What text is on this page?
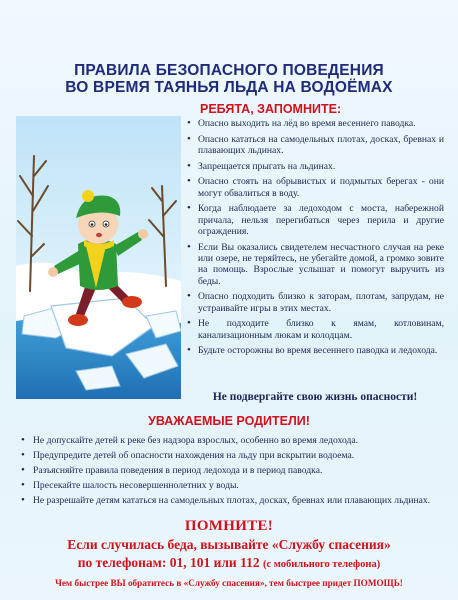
ПРАВИЛА БЕЗОПАСНОГО ПОВЕДЕНИЯ
ВО ВРЕМЯ ТАЯНЬЯ ЛЬДА НА ВОДОЁМАХ
РЕБЯТА, ЗАПОМНИТЕ:
• Опасно выходить на лёд во время весеннего паводка.
• Опасно кататься на самодельных плотах, досках, бревнах и плавающих льдинах.
• Запрещается прыгать на льдинах.
• Опасно стоять на обрывистых и подмытых берегах - они могут обвалиться в воду.
• Когда наблюдаете за ледоходом с моста, набережной причала, нельзя перегибаться через перила и другие ограждения.
• Если Вы оказались свидетелем несчастного случая на реке или озере, не теряйтесь, не убегайте домой, а громко зовите на помощь. Взрослые услышат и помогут выручить из беды.
• Опасно подходить близко к заторам, плотам, запрудам, не устраивайте игры в этих местах.
• Не подходите близко к ямам, котловинам, канализационным люкам и колодцам.
• Будьте осторожны во время весеннего паводка и ледохода.
Не подвергайте свою жизнь опасности!
УВАЖАЕМЫЕ РОДИТЕЛИ!
• Не допускайте детей к реке без надзора взрослых, особенно во время ледохода.
• Предупредите детей об опасности нахождения на льду при вскрытии водоема.
• Разъясняйте правила поведения в период ледохода и в период паводка.
• Пресекайте шалость несовершеннолетних у воды.
• Не разрешайте детям кататься на самодельных плотах, досках, бревнах или плавающих льдинах.
ПОМНИТЕ!
Если случилась беда, вызывайте «Службу спасения»
по телефонам: 01, 101 или 112 (с мобильного телефона)
Чем быстрее ВЫ обратитесь в «Службу спасения», тем быстрее придет ПОМОЩЬ!
